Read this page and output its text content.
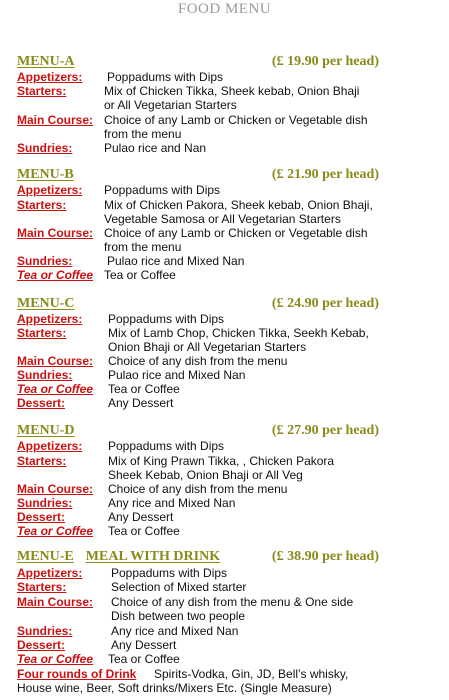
FOOD MENU
MENU-A	(£ 19.90 per head)
Appetizers: Poppadums with Dips
Starters:	Mix of Chicken Tikka, Sheek kebab, Onion Bhaji
or All Vegetarian Starters
Main Course: Choice of any Lamb or Chicken or Vegetable dish
from the menu
Sundries:	Pulao rice and Nan
MENU-B	(£ 21.90 per head)
Appetizers: Poppadums with Dips
Starters:	Mix of Chicken Pakora, Sheek kebab, Onion Bhaji,
Vegetable Samosa or All Vegetarian Starters
Main Course: Choice of any Lamb or Chicken or Vegetable dish
from the menu
Sundries:	Pulao rice and Mixed Nan
Tea or Coffee Tea or Coffee
MENU-C	(£ 24.90 per head)
Appetizers: Poppadums with Dips
Starters:	Mix of Lamb Chop, Chicken Tikka, Seekh Kebab,
Onion Bhaji or All Vegetarian Starters
Main Course: Choice of any dish from the menu
Sundries:	Pulao rice and Mixed Nan
Tea or Coffee Tea or Coffee
Dessert:	Any Dessert
MENU-D	(£ 27.90 per head)
Appetizers: Poppadums with Dips
Starters:	Mix of King Prawn Tikka, , Chicken Pakora
Sheek Kebab, Onion Bhaji or All Veg
Main Course: Choice of any dish from the menu
Sundries:	Any rice and Mixed Nan
Dessert:	Any Dessert
Tea or Coffee Tea or Coffee
MENU-E MEAL WITH DRINK	(£ 38.90 per head)
Appetizers: Poppadums with Dips
Starters:	Selection of Mixed starter
Main Course: Choice of any dish from the menu & One side
Dish between two people
Sundries:	Any rice and Mixed Nan
Dessert:	Any Dessert
Tea or Coffee Tea or Coffee
Four rounds of Drink Spirits-Vodka, Gin, JD, Bell’s whisky,
House wine, Beer, Soft drinks/Mixers Etc. (Single Measure)
